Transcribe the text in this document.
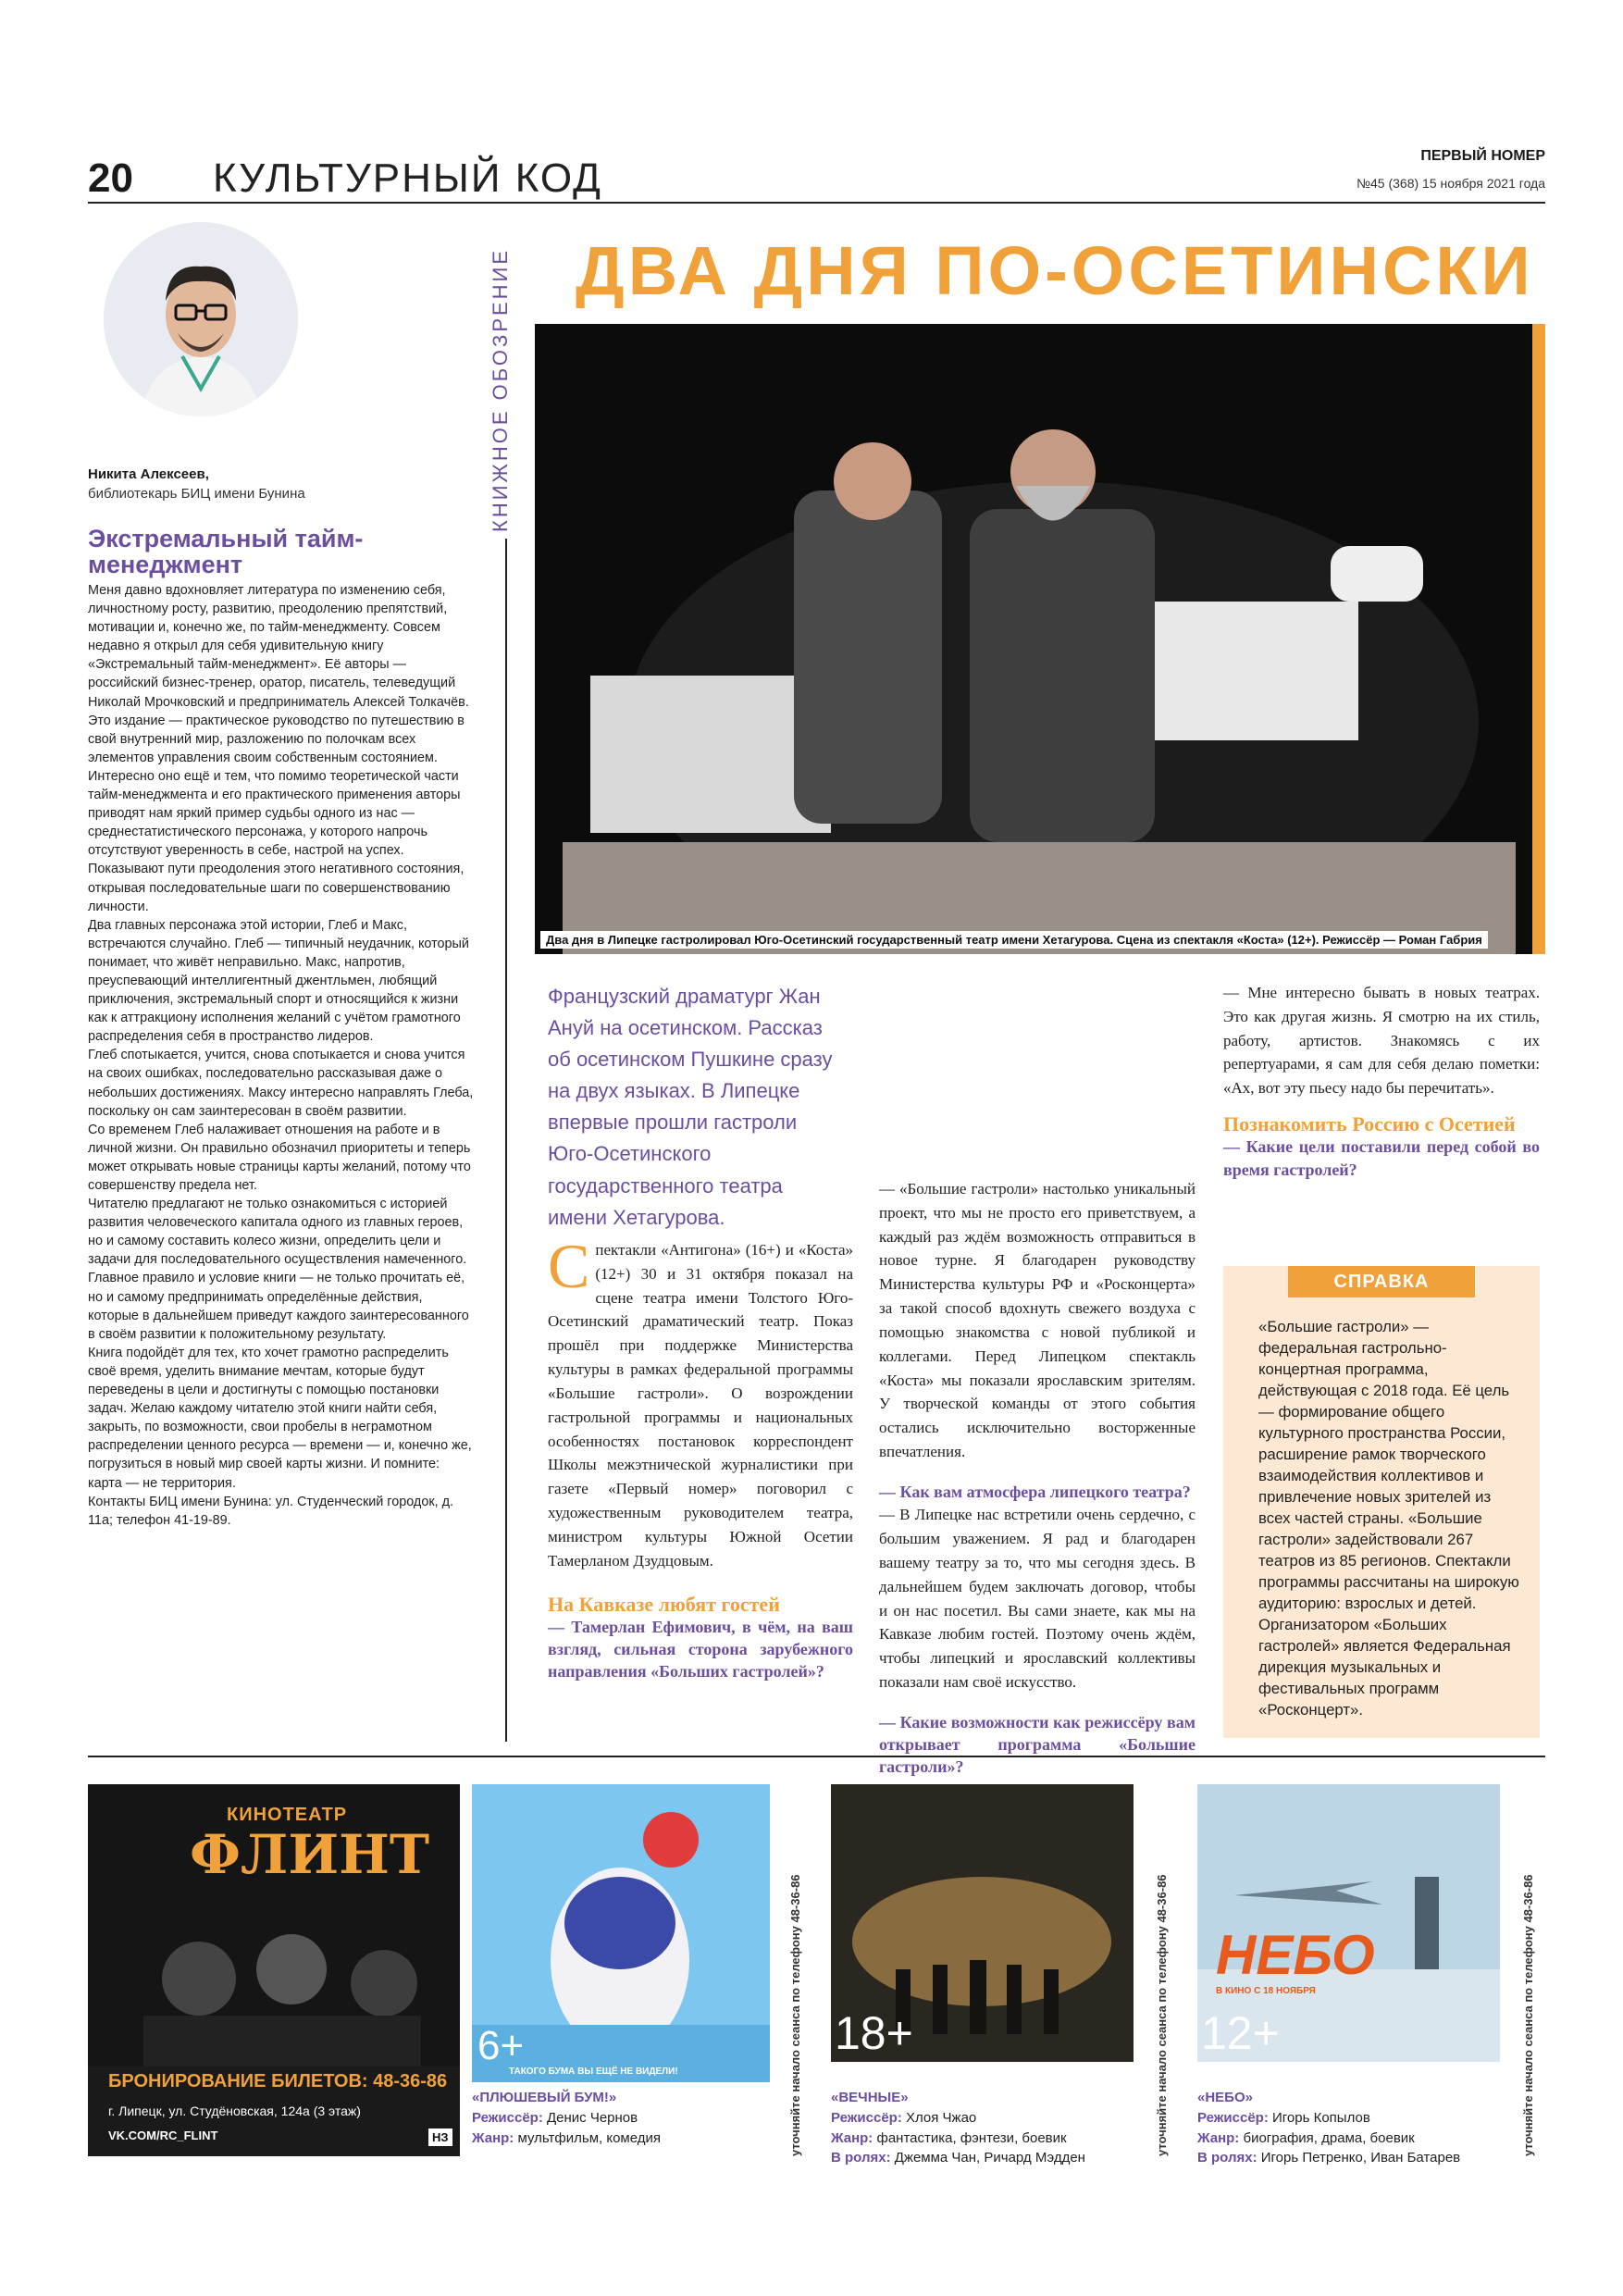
20 КУЛЬТУРНЫЙ КОД	ПЕРВЫЙ НОМЕР
№45 (368) 15 ноября 2021 года
Никита Алексеев,
библиотекарь БИЦ имени Бунина
Экстремальный тайм-менеджмент

Меня давно вдохновляет литература по изменению себя, личностному росту, развитию, преодолению препятствий, мотивации и, конечно же, по тайм-менеджменту. Совсем недавно я открыл для себя удивительную книгу «Экстремальный тайм-менеджмент». Её авторы — российский бизнес-тренер, оратор, писатель, телеведущий Николай Мрочковский и предприниматель Алексей Толкачёв.

Это издание — практическое руководство по путешествию в свой внутренний мир, разложению по полочкам всех элементов управления своим собственным состоянием.

Интересно оно ещё и тем, что помимо теоретической части тайм-менеджмента и его практического применения авторы приводят нам яркий пример судьбы одного из нас — среднестатистического персонажа, у которого напрочь отсутствуют уверенность в себе, настрой на успех. Показывают пути преодоления этого негативного состояния, открывая последовательные шаги по совершенствованию личности.

Два главных персонажа этой истории, Глеб и Макс, встречаются случайно. Глеб — типичный неудачник, который понимает, что живёт неправильно. Макс, напротив, преуспевающий интеллигентный джентльмен, любящий приключения, экстремальный спорт и относящийся к жизни как к аттракциону исполнения желаний с учётом грамотного распределения себя в пространство лидеров.

Глеб спотыкается, учится, снова спотыкается и снова учится на своих ошибках, последовательно рассказывая даже о небольших достижениях. Максу интересно направлять Глеба, поскольку он сам заинтересован в своём развитии.

Со временем Глеб налаживает отношения на работе и в личной жизни. Он правильно обозначил приоритеты и теперь может открывать новые страницы карты желаний, потому что совершенству предела нет.

Читателю предлагают не только ознакомиться с историей развития человеческого капитала одного из главных героев, но и самому составить колесо жизни, определить цели и задачи для последовательного осуществления намеченного.

Главное правило и условие книги — не только прочитать её, но и самому предпринимать определённые действия, которые в дальнейшем приведут каждого заинтересованного в своём развитии к положительному результату.

Книга подойдёт для тех, кто хочет грамотно распределить своё время, уделить внимание мечтам, которые будут переведены в цели и достигнуты с помощью постановки задач. Желаю каждому читателю этой книги найти себя, закрыть, по возможности, свои пробелы в неграмотном распределении ценного ресурса — времени — и, конечно же, погрузиться в новый мир своей карты жизни. И помните: карта — не территория.

Контакты БИЦ имени Бунина: ул. Студенческий городок, д. 11а; телефон 41-19-89.

КНИЖНОЕ ОБОЗРЕНИЕ ДВА ДНЯ ПО-ОСЕТИНСКИ
Два дня в Липецке гастролировал Юго-Осетинский государственный театр имени Хетагурова. Сцена из спектакля «Коста» (12+). Режиссёр — Роман Габрия
Французский драматург Жан Ануй на осетинском. Рассказ об осетинском Пушкине сразу на двух языках. В Липецке впервые прошли гастроли Юго-Осетинского государственного театра имени Хетагурова.
Спектакли «Антигона» (16+) и «Коста» (12+) 30 и 31 октября показал на сцене театра имени Толстого Юго-Осетинский драматический театр. Показ прошёл при поддержке Министерства культуры в рамках федеральной программы «Большие гастроли». О возрождении гастрольной программы и национальных особенностях постановок корреспондент Школы межэтнической журналистики при газете «Первый номер» поговорил с художественным руководителем театра, министром культуры Южной Осетии Тамерланом Дзудцовым.
На Кавказе любят гостей
— Тамерлан Ефимович, в чём, на ваш взгляд, сильная сторона зарубежного направления «Больших гастролей»?
— «Большие гастроли» настолько уникальный проект, что мы не просто его приветствуем, а каждый раз ждём возможность отправиться в новое турне. Я благодарен руководству Министерства культуры РФ и «Росконцерта» за такой способ вдохнуть свежего воздуха с помощью знакомства с новой публикой и коллегами. Перед Липецком спектакль «Коста» мы показали ярославским зрителям. У творческой команды от этого события остались исключительно восторженные впечатления.
— Как вам атмосфера липецкого театра?
— В Липецке нас встретили очень сердечно, с большим уважением. Я рад и благодарен вашему театру за то, что мы сегодня здесь. В дальнейшем будем заключать договор, чтобы и он нас посетил. Вы сами знаете, как мы на Кавказе любим гостей. Поэтому очень ждём, чтобы липецкий и ярославский коллективы показали нам своё искусство.
— Какие возможности как режиссёру вам открывает программа «Большие гастроли»?
— Мне интересно бывать в новых театрах. Это как другая жизнь. Я смотрю на их стиль, работу, артистов. Знакомясь с их репертуарами, я сам для себя делаю пометки: «Ах, вот эту пьесу надо бы перечитать».
Познакомить Россию с Осетией
— Какие цели поставили перед собой во время гастролей?
СПРАВКА
«Большие гастроли» — федеральная гастрольно-концертная программа, действующая с 2018 года. Её цель — формирование общего культурного пространства России, расширение рамок творческого взаимодействия коллективов и привлечение новых зрителей из всех частей страны. «Большие гастроли» задействовали 267 театров из 85 регионов. Спектакли программы рассчитаны на широкую аудиторию: взрослых и детей. Организатором «Больших гастролей» является Федеральная дирекция музыкальных и фестивальных программ «Росконцерт».
КИНОТЕАТР
ФЛИНТ
БРОНИРОВАНИЕ БИЛЕТОВ: 48-36-86
г. Липецк, ул. Студёновская, 124а (3 этаж)
VK.COM/RC_FLINT	НЗ
6+
ТАКОГО БУМА ВЫ ЕЩЁ НЕ ВИДЕЛИ!
«ПЛЮШЕВЫЙ БУМ!»
Режиссёр: Денис Чернов
Жанр: мультфильм, комедия	уточняйте начало сеанса по телефону 48-36-86 18+
«ВЕЧНЫЕ»
Режиссёр: Хлоя Чжао
Жанр: фантастика, фэнтези, боевик
В ролях: Джемма Чан, Ричард Мэдден
уточняйте начало сеанса по телефону 48-36-86 НЕБО
В КИНО С 18 НОЯБРЯ
12+
«НЕБО»
Режиссёр: Игорь Копылов
Жанр: биография, драма, боевик
В ролях: Игорь Петренко, Иван Батарев
уточняйте начало сеанса по телефону 48-36-86
